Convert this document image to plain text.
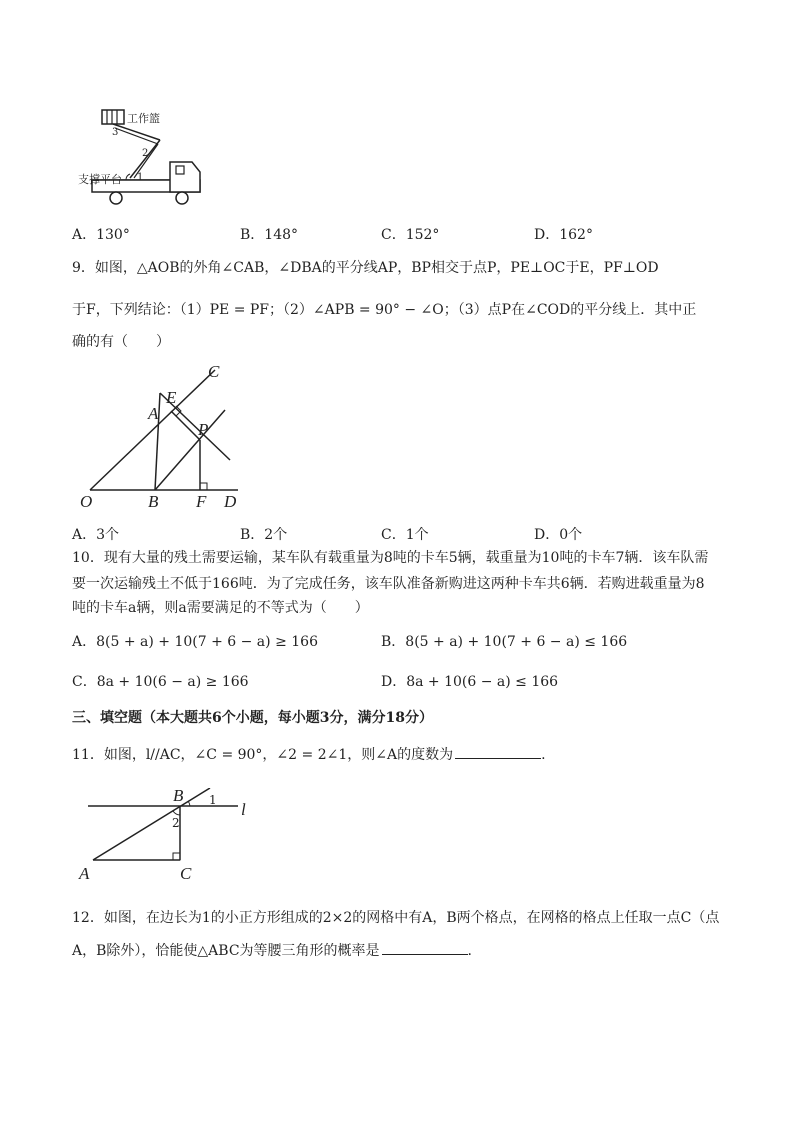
工作篮
支撑平台 1
2
3
A．130°	B．148°	C．152°	D．162°
9．如图，△AOB的外角∠CAB，∠DBA的平分线AP，BP相交于点P，PE⊥OC于E，PF⊥OD
于F，下列结论：（1）PE = PF；（2）∠APB = 90° − ∠O；（3）点P在∠COD的平分线上．其中正
确的有（　　）
C
E
A
P
O	B F D
A．3个	B．2个	C．1个	D．0个
10．现有大量的残土需要运输，某车队有载重量为8吨的卡车5辆，载重量为10吨的卡车7辆．该车队需
要一次运输残土不低于166吨．为了完成任务，该车队准备新购进这两种卡车共6辆．若购进载重量为8
吨的卡车a辆，则a需要满足的不等式为（　　）
A．8(5 + a) + 10(7 + 6 − a) ≥ 166	B．8(5 + a) + 10(7 + 6 − a) ≤ 166
C．8a + 10(6 − a) ≥ 166	D．8a + 10(6 − a) ≤ 166
三、填空题（本大题共6个小题，每小题3分，满分18分）
11．如图，l//AC，∠C = 90°，∠2 = 2∠1，则∠A的度数为	.
B
l
1
2
A	C
12．如图，在边长为1的小正方形组成的2×2的网格中有A，B两个格点，在网格的格点上任取一点C（点
A，B除外），恰能使△ABC为等腰三角形的概率是	.
